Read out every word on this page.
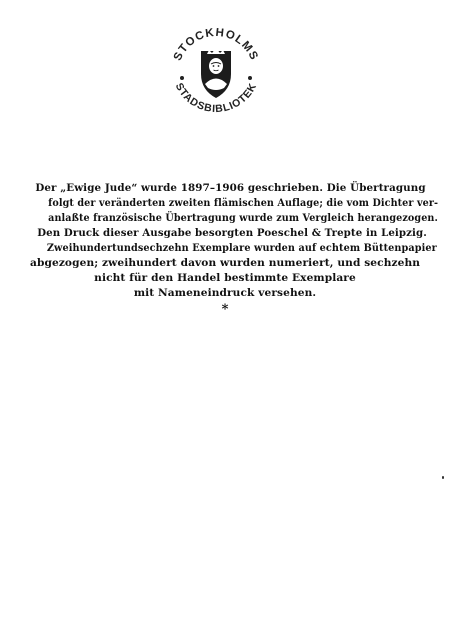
STOCKHOLMS
STADSBIBLIOTEK
Der „Ewige Jude“ wurde 1897–1906 geschrieben. Die Übertragung
folgt der veränderten zweiten flämischen Auflage; die vom Dichter ver-
anlaßte französische Übertragung wurde zum Vergleich herangezogen.
Den Druck dieser Ausgabe besorgten Poeschel & Trepte in Leipzig.
Zweihundertundsechzehn Exemplare wurden auf echtem Büttenpapier
abgezogen; zweihundert davon wurden numeriert, und sechzehn
nicht für den Handel bestimmte Exemplare
mit Nameneindruck versehen.
*
